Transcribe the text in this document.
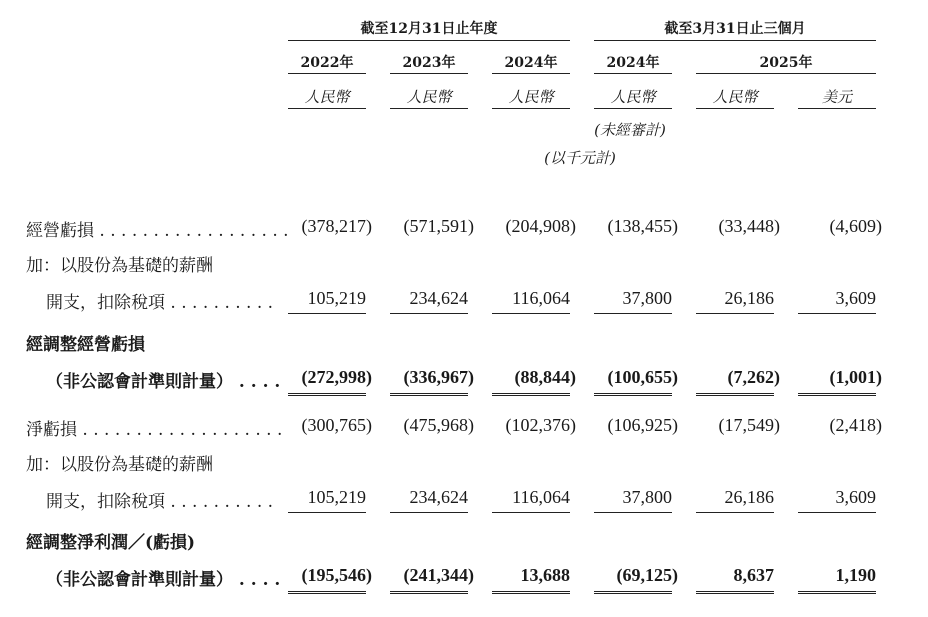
截至12月31日止年度	截至3月31日止三個月
2022年	2023年	2024年	2024年	2025年
人民幣	人民幣	人民幣	人民幣	人民幣	美元
(未經審計)
(以千元計)
經營虧損 . . . . . . . . . . . . . . . . . . (378,217)	(571,591)	(204,908)	(138,455)	(33,448)	(4,609)
加：以股份為基礎的薪酬
開支，扣除稅項 . . . . . . . . . .	105,219	234,624	116,064	37,800	26,186	3,609
經調整經營虧損
（非公認會計準則計量） . . . .	(272,998)	(336,967)	(88,844)	(100,655)	(7,262)	(1,001)
淨虧損 . . . . . . . . . . . . . . . . . . .	(300,765)	(475,968)	(102,376)	(106,925)	(17,549)	(2,418)
加：以股份為基礎的薪酬
開支，扣除稅項 . . . . . . . . . .	105,219	234,624	116,064	37,800	26,186	3,609
經調整淨利潤／(虧損)
（非公認會計準則計量） . . . .	(195,546)	(241,344)	13,688	(69,125)	8,637	1,190
